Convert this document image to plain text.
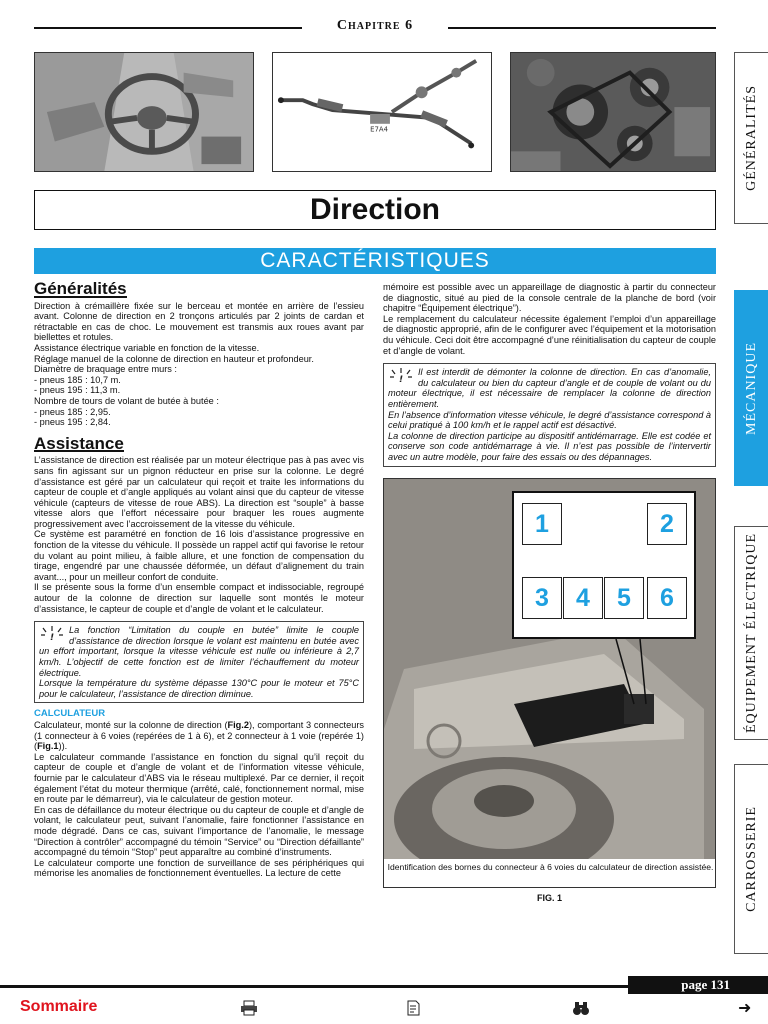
Chapitre 6
E7A4	GÉNÉRALITÉS
MÉCANIQUE
ÉQUIPEMENT ÉLECTRIQUE
CARROSSERIE
Direction
CARACTÉRISTIQUES
Généralités

Direction à crémaillère fixée sur le berceau et montée en arrière de l’essieu avant. Colonne de direction en 2 tronçons articulés par 2 joints de cardan et rétractable en cas de choc. Le mouvement est transmis aux roues avant par biellettes et rotules.

Assistance électrique variable en fonction de la vitesse.

Réglage manuel de la colonne de direction en hauteur et profondeur.

Diamètre de braquage entre murs :

- pneus 185 : 10,7 m.

- pneus 195 : 11,3 m.

Nombre de tours de volant de butée à butée :

- pneus 185 : 2,95.

- pneus 195 : 2,84.

Assistance

L’assistance de direction est réalisée par un moteur électrique pas à pas avec vis sans fin agissant sur un pignon réducteur en prise sur la colonne. Le degré d’assistance est géré par un calculateur qui reçoit et traite les informations du capteur de couple et d’angle appliqués au volant ainsi que du capteur de vitesse véhicule (capteurs de vitesse de roue ABS). La direction est “souple” à basse vitesse alors que l’effort nécessaire pour braquer les roues augmente progressivement avec l’accroissement de la vitesse du véhicule.

Ce système est paramétré en fonction de 16 lois d’assistance progressive en fonction de la vitesse du véhicule. Il possède un rappel actif qui favorise le retour du volant au point milieu, à faible allure, et une fonction de compensation du tirage, engendré par une chaussée déformée, un défaut d’alignement du train avant..., pour un meilleur confort de conduite.

Il se présente sous la forme d’un ensemble compact et indissociable, regroupé autour de la colonne de direction sur laquelle sont montés le moteur d’assistance, le capteur de couple et d’angle de volant et le calculateur.

!

La fonction “Limitation du couple en butée” limite le couple d’assistance de direction lorsque le volant est maintenu en butée avec un effort important, lorsque la vitesse véhicule est nulle ou inférieure à 2,7 km/h. L’objectif de cette fonction est de limiter l’échauffement du moteur électrique.

Lorsque la température du système dépasse 130°C pour le moteur et 75°C pour le calculateur, l’assistance de direction diminue.

CALCULATEUR

Calculateur, monté sur la colonne de direction (Fig.2), comportant 3 connecteurs (1 connecteur à 6 voies (repérées de 1 à 6), et 2 connecteur à 1 voie (repérée 1) (Fig.1)).

Le calculateur commande l’assistance en fonction du signal qu’il reçoit du capteur de couple et d’angle de volant et de l’information vitesse véhicule, fournie par le calculateur d’ABS via le réseau multiplexé. Par ce dernier, il reçoit également l’état du moteur thermique (arrêté, calé, fonctionnement normal, mise en route par le démarreur), via le calculateur de gestion moteur.

En cas de défaillance du moteur électrique ou du capteur de couple et d’angle de volant, le calculateur peut, suivant l’anomalie, faire fonctionner l’assistance en mode dégradé. Dans ce cas, suivant l’importance de l’anomalie, le message “Direction à contrôler” accompagné du témoin “Service” ou “Direction défaillante” accompagné du témoin “Stop” peut apparaître au combiné d’instruments.

Le calculateur comporte une fonction de surveillance de ses périphériques qui mémorise les anomalies de fonctionnement éventuelles. La lecture de cette

mémoire est possible avec un appareillage de diagnostic à partir du connecteur de diagnostic, situé au pied de la console centrale de la planche de bord (voir chapitre “Équipement électrique”).

Le remplacement du calculateur nécessite également l’emploi d’un appareillage de diagnostic approprié, afin de le configurer avec l’équipement et la motorisation du véhicule. Ceci doit être accompagné d’une réinitialisation du capteur de couple et d’angle de volant.

!

Il est interdit de démonter la colonne de direction. En cas d’anomalie, du calculateur ou bien du capteur d’angle et de couple de volant ou du moteur électrique, il est nécessaire de remplacer la colonne de direction entièrement.

En l’absence d’information vitesse véhicule, le degré d’assistance correspond à celui pratiqué à 100 km/h et le rappel actif est désactivé.

La colonne de direction participe au dispositif antidémarrage. Elle est codée et conserve son code antidémarrage à vie. Il n’est pas possible de l’intervertir avec un autre modèle, pour faire des essais ou des dépannages.

1	2
3	4	5	6
Identification des bornes du connecteur à 6 voies du calculateur de direction assistée.
FIG. 1
page 131
Sommaire	➜
